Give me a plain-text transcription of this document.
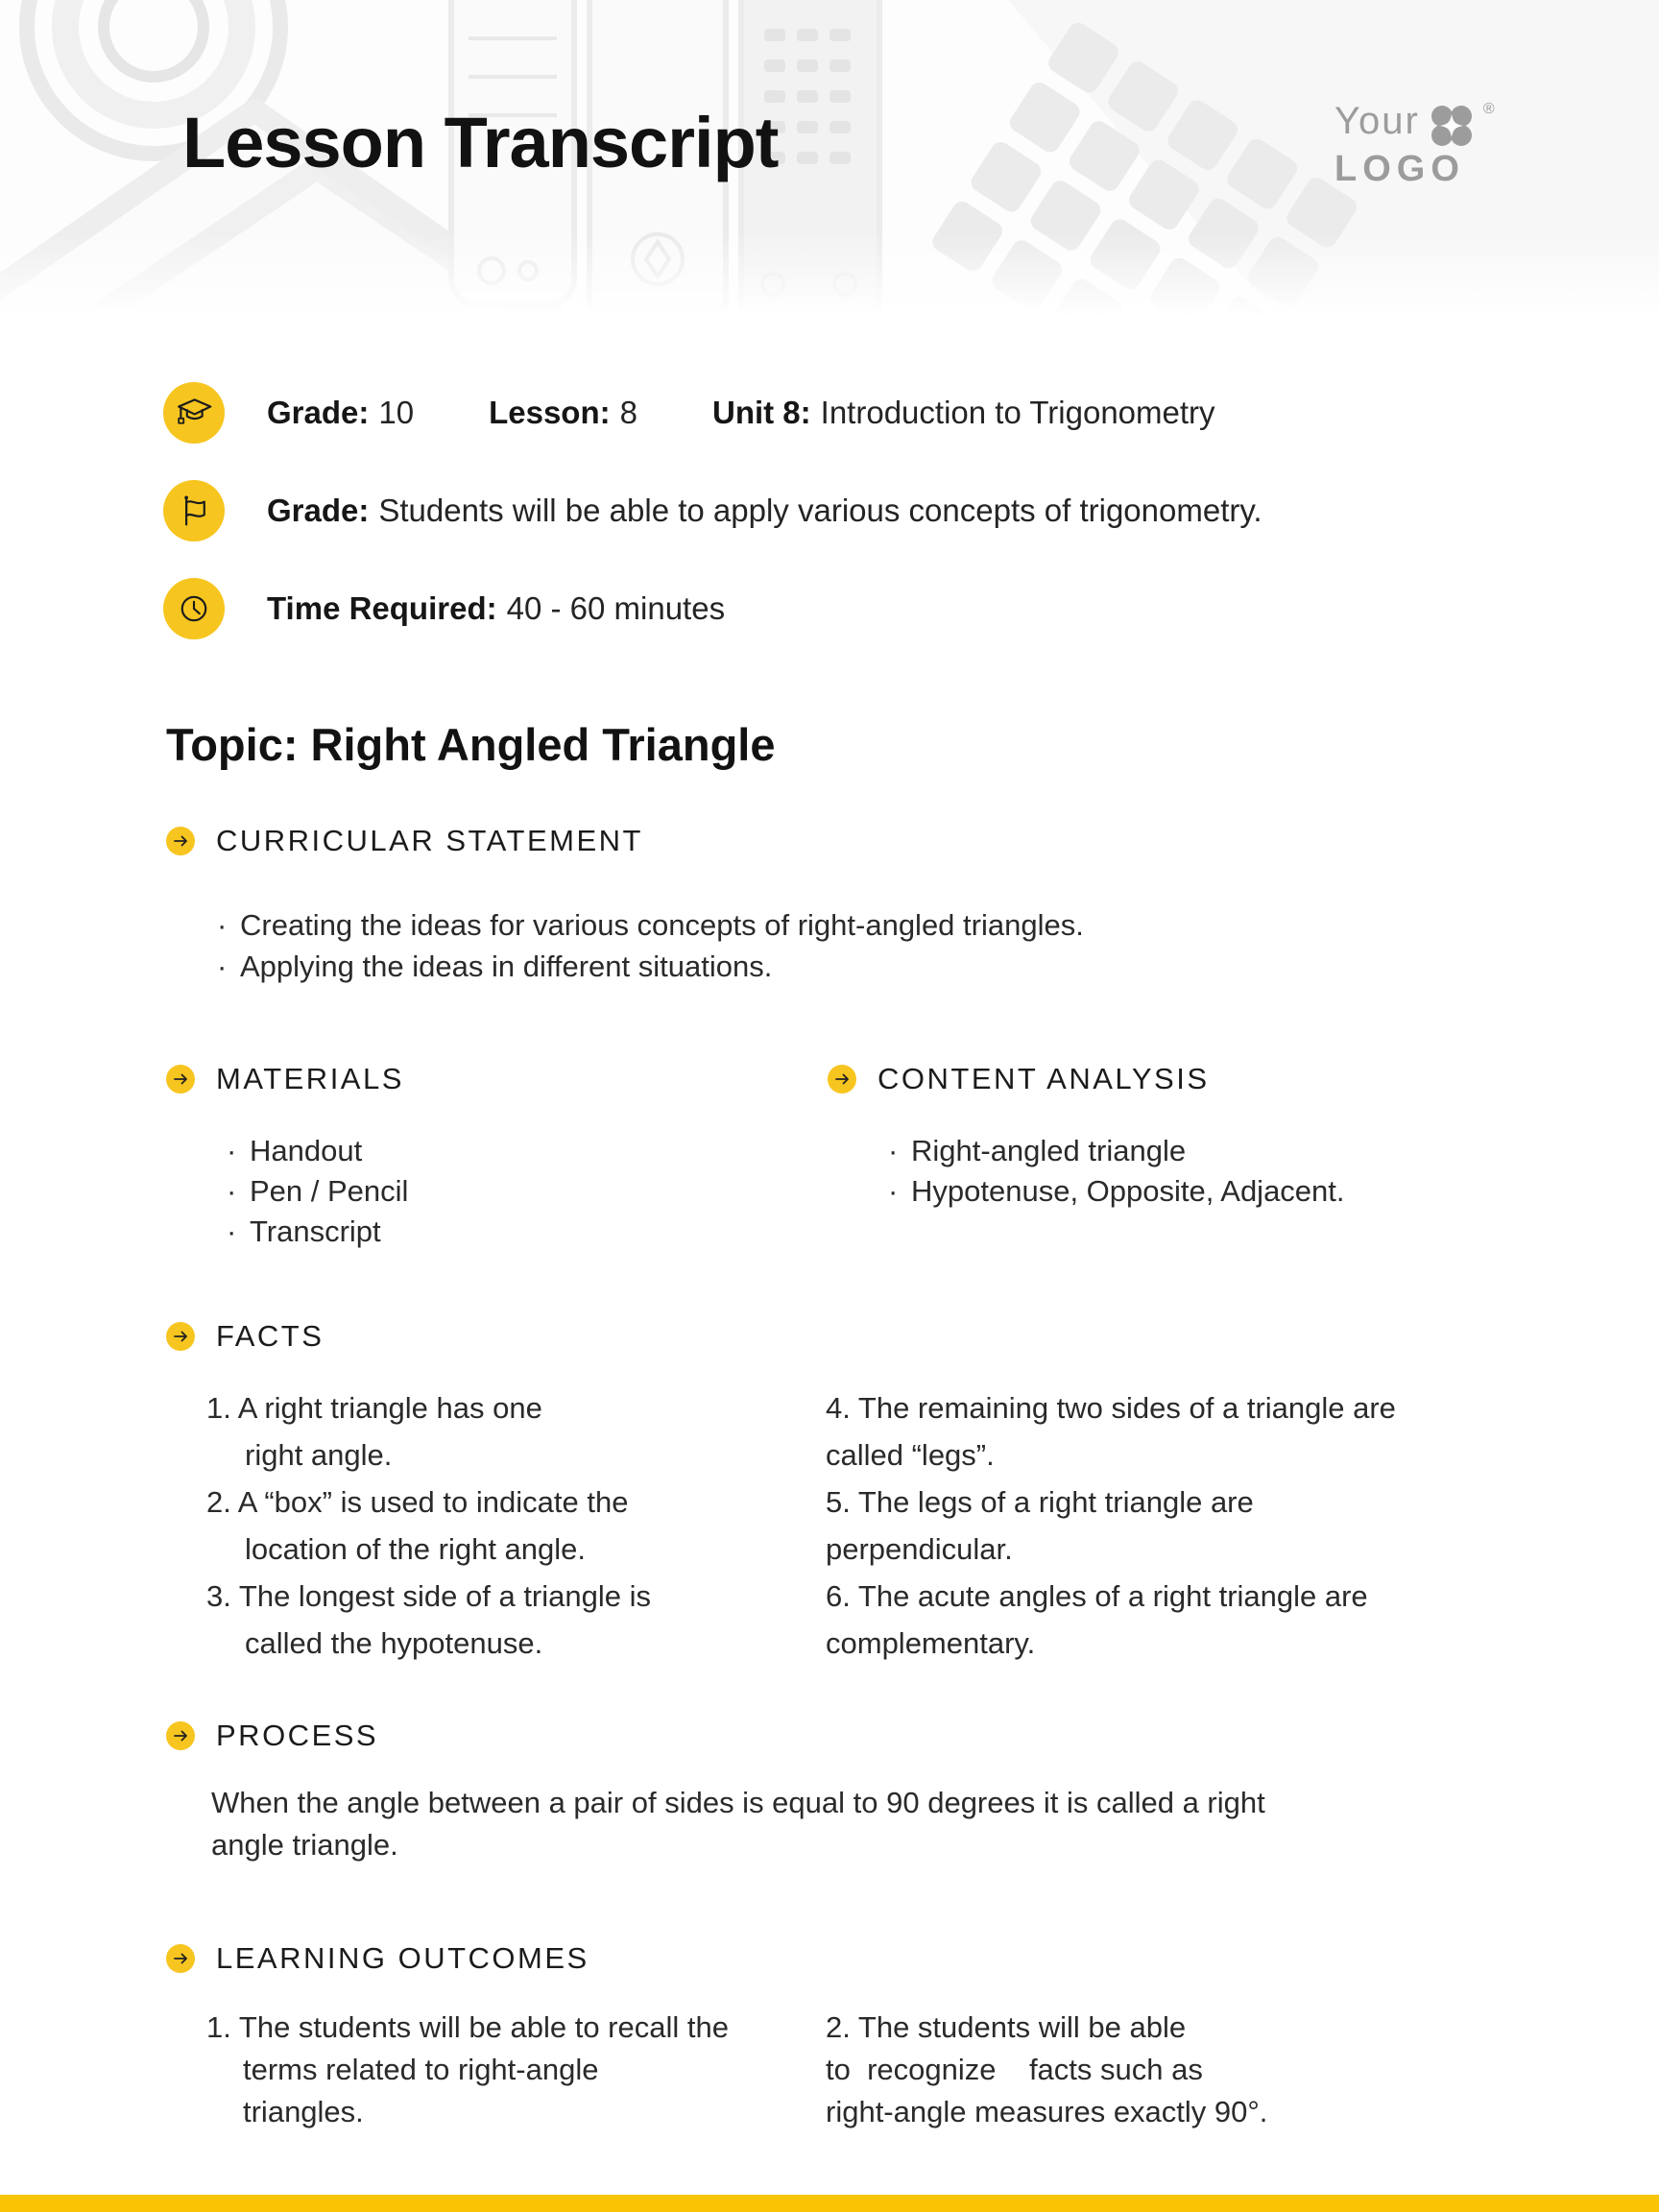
Lesson Transcript	Your	®
LOGO
Grade: 10 Lesson: 8 Unit 8: Introduction to Trigonometry
Grade: Students will be able to apply various concepts of trigonometry.
Time Required: 40 - 60 minutes
Topic: Right Angled Triangle
CURRICULAR STATEMENT
· Creating the ideas for various concepts of right-angled triangles.
· Applying the ideas in different situations.
MATERIALS
· Handout
· Pen / Pencil
· Transcript
CONTENT ANALYSIS
· Right-angled triangle
· Hypotenuse, Opposite, Adjacent.
FACTS
1. A right triangle has one
right angle.
2. A “box” is used to indicate the
location of the right angle.
3. The longest side of a triangle is
called the hypotenuse.
4. The remaining two sides of a triangle are
called “legs”.
5. The legs of a right triangle are
perpendicular.
6. The acute angles of a right triangle are
complementary.
PROCESS
When the angle between a pair of sides is equal to 90 degrees it is called a right
angle triangle.
LEARNING OUTCOMES
1. The students will be able to recall the
terms related to right-angle
triangles.
2. The students will be able
to  recognize    facts such as
right-angle measures exactly 90°.
